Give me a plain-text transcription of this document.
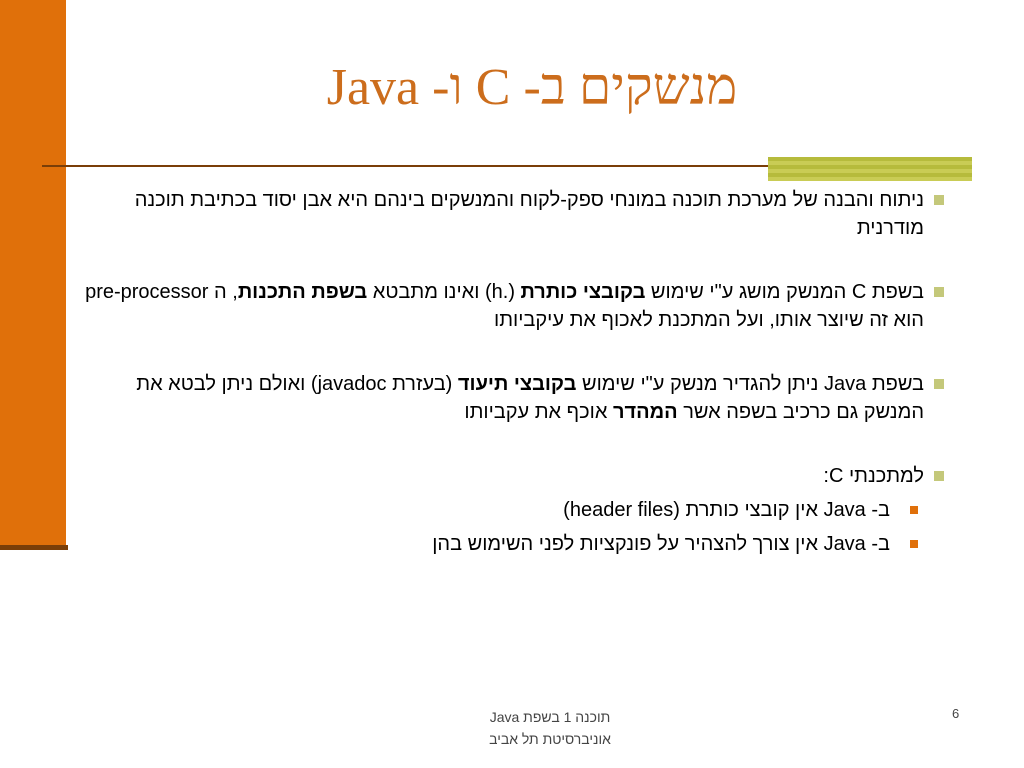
מנשקים ב- C ו- Java
ניתוח והבנה של מערכת תוכנה במונחי ספק-לקוח והמנשקים בינהם היא אבן יסוד בכתיבת תוכנה מודרנית
בשפת C המנשק מושג ע"י שימוש בקובצי כותרת (.h) ואינו מתבטא בשפת התכנות, ה pre-processor הוא זה שיוצר אותו, ועל המתכנת לאכוף את עיקביותו
בשפת Java ניתן להגדיר מנשק ע"י שימוש בקובצי תיעוד (בעזרת javadoc) ואולם ניתן לבטא את המנשק גם כרכיב בשפה אשר המהדר אוכף את עקביותו
למתכנתי C:
ב- Java אין קובצי כותרת (header files)
ב- Java אין צורך להצהיר על פונקציות לפני השימוש בהן
תוכנה 1 בשפת Java
אוניברסיטת תל אביב
6
